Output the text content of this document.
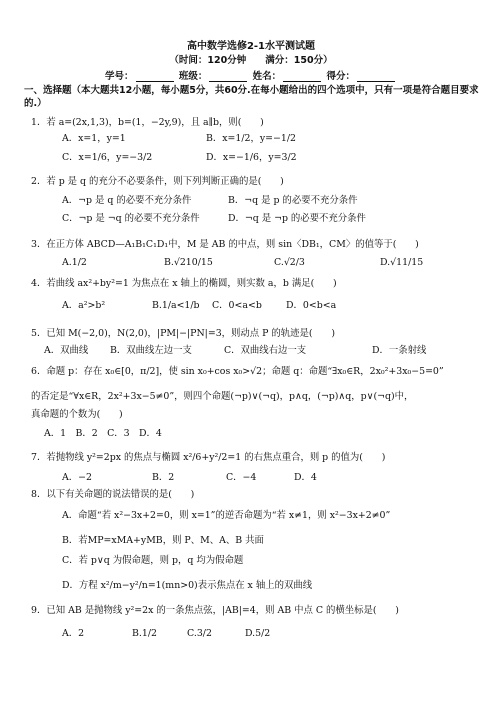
高中数学选修2-1水平测试题
（时间：120分钟　　满分：150分）
学号：	班级：	姓名：	得分：
一、选择题（本大题共12小题，每小题5分，共60分.在每小题给出的四个选项中，只有一项是符合题目要求的.）
1．若 a=(2x,1,3)，b=(1，−2y,9)，且 a∥b，则(　　)
A．x=1，y=1	B．x=1/2，y=−1/2
C．x=1/6，y=−3/2	D．x=−1/6，y=3/2
2．若 p 是 q 的充分不必要条件，则下列判断正确的是(　　)
A．¬p 是 q 的必要不充分条件	B．¬q 是 p 的必要不充分条件
C．¬p 是 ¬q 的必要不充分条件	D．¬q 是 ¬p 的必要不充分条件
3．在正方体 ABCD—A₁B₁C₁D₁中，M 是 AB 的中点，则 sin〈DB₁，CM〉的值等于(　　)
A.1/2	B.√210/15	C.√2/3	D.√11/15
4．若曲线 ax²+by²=1 为焦点在 x 轴上的椭圆，则实数 a，b 满足(　　)
A．a²>b²	B.1/a<1/b C．0<a<b	D．0<b<a
5．已知 M(−2,0)，N(2,0)，|PM|−|PN|=3，则动点 P 的轨迹是(　　)
A．双曲线 B．双曲线左边一支	C．双曲线右边一支	D．一条射线
6．命题 p：存在 x₀∈[0，π/2]，使 sin x₀+cos x₀>√2；命题 q：命题“∃x₀∈R，2x₀²+3x₀−5=0”
的否定是“∀x∈R，2x²+3x−5≠0”，则四个命题(¬p)∨(¬q)，p∧q，(¬p)∧q，p∨(¬q)中，
真命题的个数为(　　)
A．1　B．2　C．3　D．4
7．若抛物线 y²=2px 的焦点与椭圆 x²/6+y²/2=1 的右焦点重合，则 p 的值为(　　)
A．−2	B．2	C．−4	D．4
8．以下有关命题的说法错误的是(　　)
A．命题“若 x²−3x+2=0，则 x=1”的逆否命题为“若 x≠1，则 x²−3x+2≠0”
B．若MP=xMA+yMB，则 P、M、A、B 共面
C．若 p∨q 为假命题，则 p，q 均为假命题
D．方程 x²/m−y²/n=1(mn>0)表示焦点在 x 轴上的双曲线
9．已知 AB 是抛物线 y²=2x 的一条焦点弦，|AB|=4，则 AB 中点 C 的横坐标是(　　)
A．2	B.1/2	C.3/2	D.5/2
